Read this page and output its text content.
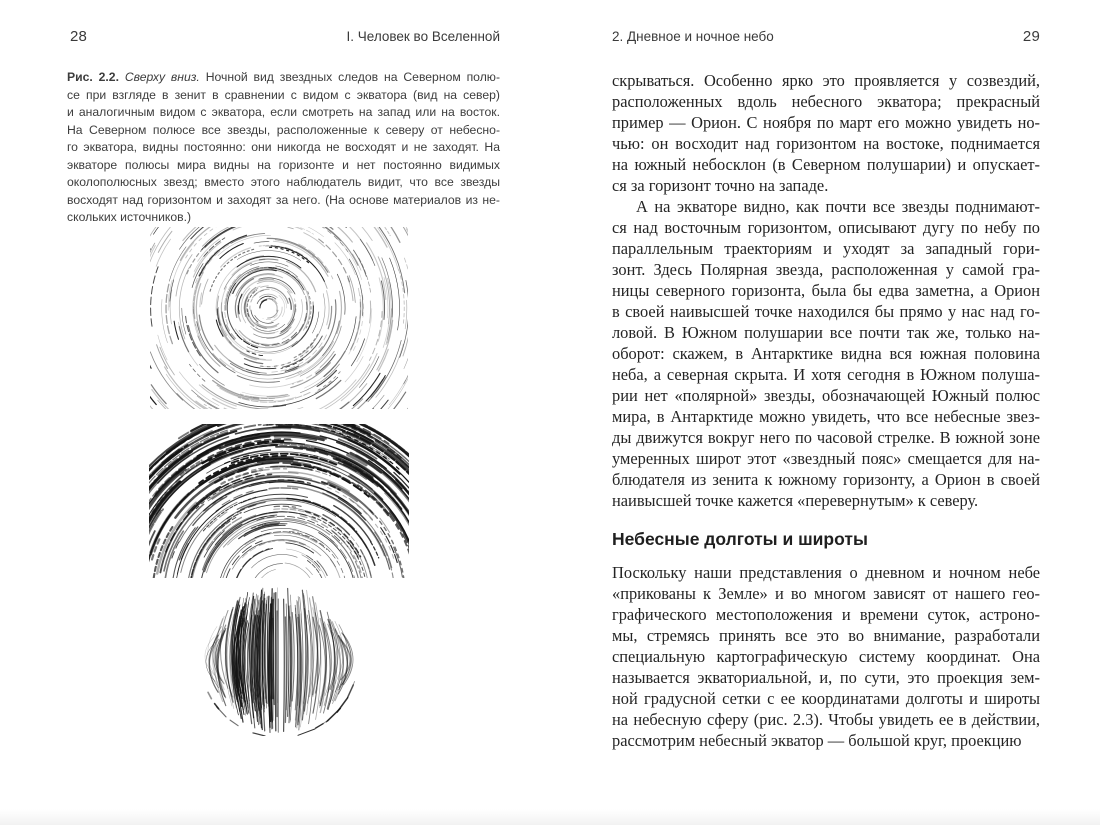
28	I. Человек во Вселенной
Рис. 2.2. Сверху вниз. Ночной вид звездных следов на Северном полю-
се при взгляде в зенит в сравнении с видом с экватора (вид на север)
и аналогичным видом с экватора, если смотреть на запад или на восток.
На Северном полюсе все звезды, расположенные к северу от небесно-
го экватора, видны постоянно: они никогда не восходят и не заходят. На
экваторе полюсы мира видны на горизонте и нет постоянно видимых
околополюсных звезд; вместо этого наблюдатель видит, что все звезды
восходят над горизонтом и заходят за него. (На основе материалов из не-
скольких источников.)
2. Дневное и ночное небо	29
скрываться. Особенно ярко это проявляется у созвездий,
расположенных вдоль небесного экватора; прекрасный
пример — Орион. С ноября по март его можно увидеть но-
чью: он восходит над горизонтом на востоке, поднимается
на южный небосклон (в Северном полушарии) и опускает-
ся за горизонт точно на западе.
А на экваторе видно, как почти все звезды поднимают-
ся над восточным горизонтом, описывают дугу по небу по
параллельным траекториям и уходят за западный гори-
зонт. Здесь Полярная звезда, расположенная у самой гра-
ницы северного горизонта, была бы едва заметна, а Орион
в своей наивысшей точке находился бы прямо у нас над го-
ловой. В Южном полушарии все почти так же, только на-
оборот: скажем, в Антарктике видна вся южная половина
неба, а северная скрыта. И хотя сегодня в Южном полуша-
рии нет «полярной» звезды, обозначающей Южный полюс
мира, в Антарктиде можно увидеть, что все небесные звез-
ды движутся вокруг него по часовой стрелке. В южной зоне
умеренных широт этот «звездный пояс» смещается для на-
блюдателя из зенита к южному горизонту, а Орион в своей
наивысшей точке кажется «перевернутым» к северу.
Небесные долготы и широты
Поскольку наши представления о дневном и ночном небе
«прикованы к Земле» и во многом зависят от нашего гео-
графического местоположения и времени суток, астроно-
мы, стремясь принять все это во внимание, разработали
специальную картографическую систему координат. Она
называется экваториальной, и, по сути, это проекция зем-
ной градусной сетки с ее координатами долготы и широты
на небесную сферу (рис. 2.3). Чтобы увидеть ее в действии,
рассмотрим небесный экватор — большой круг, проекцию
